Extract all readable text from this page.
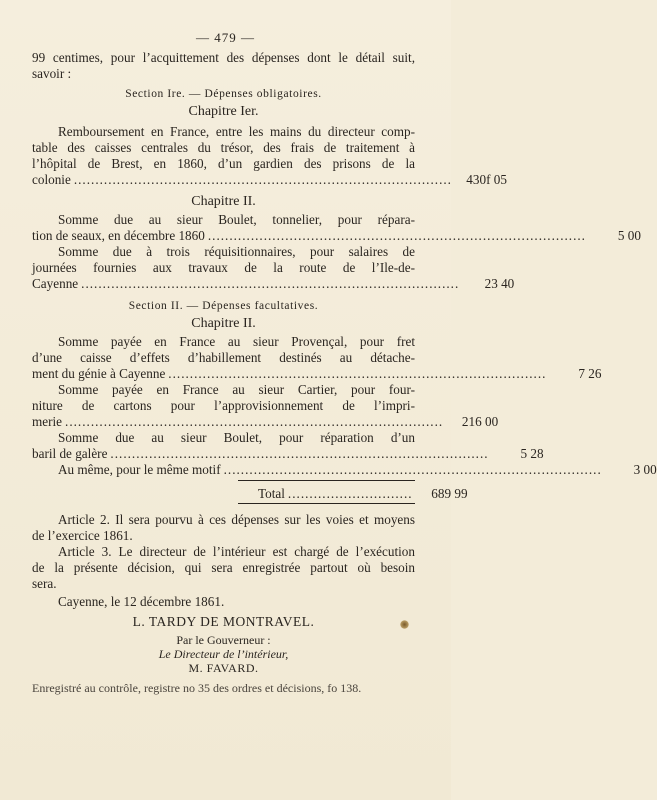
— 479 —
99 centimes, pour l’acquittement des dépenses dont le détail suit,
savoir :
Section Ire. — Dépenses obligatoires.
Chapitre Ier.
Remboursement en France, entre les mains du directeur comp-
table des caisses centrales du trésor, des frais de traitement à
l’hôpital de Brest, en 1860, d’un gardien des prisons de la
colonie ........................................................................................	430f 05
Chapitre II.
Somme due au sieur Boulet, tonnelier, pour répara-
tion de seaux, en décembre 1860 ........................................................................................	5 00
Somme due à trois réquisitionnaires, pour salaires de
journées fournies aux travaux de la route de l’Ile-de-
Cayenne ........................................................................................	23 40
Section II. — Dépenses facultatives.
Chapitre II.
Somme payée en France au sieur Provençal, pour fret
d’une caisse d’effets d’habillement destinés au détache-
ment du génie à Cayenne ........................................................................................	7 26
Somme payée en France au sieur Cartier, pour four-
niture de cartons pour l’approvisionnement de l’impri-
merie ........................................................................................	216 00
Somme due au sieur Boulet, pour réparation d’un
baril de galère ........................................................................................	5 28
Au même, pour le même motif ........................................................................................	3 00
Total .............................	689 99
Article 2. Il sera pourvu à ces dépenses sur les voies et moyens
de l’exercice 1861.
Article 3. Le directeur de l’intérieur est chargé de l’exécution
de la présente décision, qui sera enregistrée partout où besoin
sera.
Cayenne, le 12 décembre 1861.
L. TARDY DE MONTRAVEL.
Par le Gouverneur :
Le Directeur de l’intérieur,
M. FAVARD.
Enregistré au contrôle, registre no 35 des ordres et décisions, fo 138.
